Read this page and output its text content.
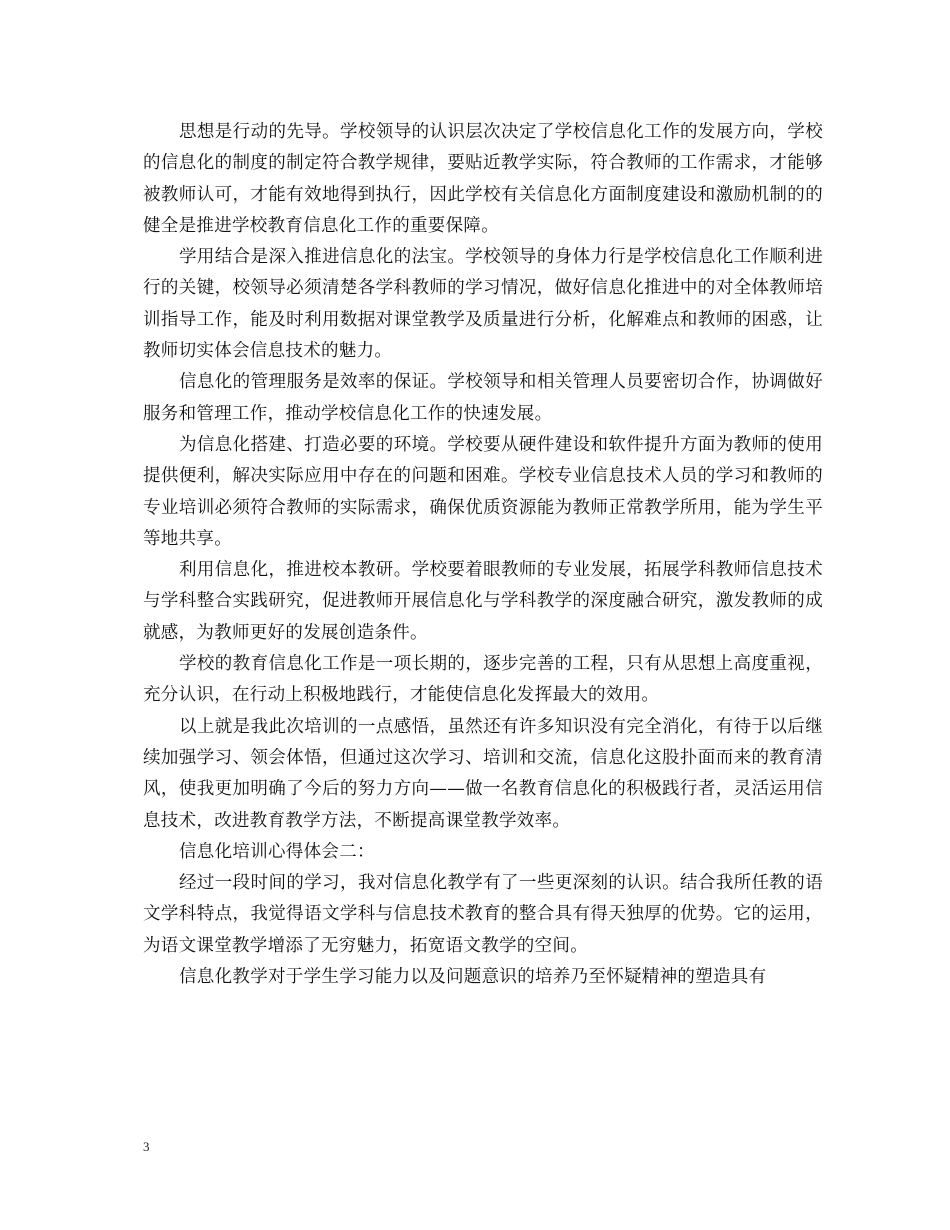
思想是行动的先导。学校领导的认识层次决定了学校信息化工作的发展方向，学校的信息化的制度的制定符合教学规律，要贴近教学实际，符合教师的工作需求，才能够被教师认可，才能有效地得到执行，因此学校有关信息化方面制度建设和激励机制的的健全是推进学校教育信息化工作的重要保障。

学用结合是深入推进信息化的法宝。学校领导的身体力行是学校信息化工作顺利进行的关键，校领导必须清楚各学科教师的学习情况，做好信息化推进中的对全体教师培训指导工作，能及时利用数据对课堂教学及质量进行分析，化解难点和教师的困惑，让教师切实体会信息技术的魅力。

信息化的管理服务是效率的保证。学校领导和相关管理人员要密切合作，协调做好服务和管理工作，推动学校信息化工作的快速发展。

为信息化搭建、打造必要的环境。学校要从硬件建设和软件提升方面为教师的使用提供便利，解决实际应用中存在的问题和困难。学校专业信息技术人员的学习和教师的专业培训必须符合教师的实际需求，确保优质资源能为教师正常教学所用，能为学生平等地共享。

利用信息化，推进校本教研。学校要着眼教师的专业发展，拓展学科教师信息技术与学科整合实践研究，促进教师开展信息化与学科教学的深度融合研究，激发教师的成就感，为教师更好的发展创造条件。

学校的教育信息化工作是一项长期的，逐步完善的工程，只有从思想上高度重视，充分认识，在行动上积极地践行，才能使信息化发挥最大的效用。

以上就是我此次培训的一点感悟，虽然还有许多知识没有完全消化，有待于以后继续加强学习、领会体悟，但通过这次学习、培训和交流，信息化这股扑面而来的教育清风，使我更加明确了今后的努力方向——做一名教育信息化的积极践行者，灵活运用信息技术，改进教育教学方法，不断提高课堂教学效率。

信息化培训心得体会二：

经过一段时间的学习，我对信息化教学有了一些更深刻的认识。结合我所任教的语文学科特点，我觉得语文学科与信息技术教育的整合具有得天独厚的优势。它的运用，为语文课堂教学增添了无穷魅力，拓宽语文教学的空间。

信息化教学对于学生学习能力以及问题意识的培养乃至怀疑精神的塑造具有

3
